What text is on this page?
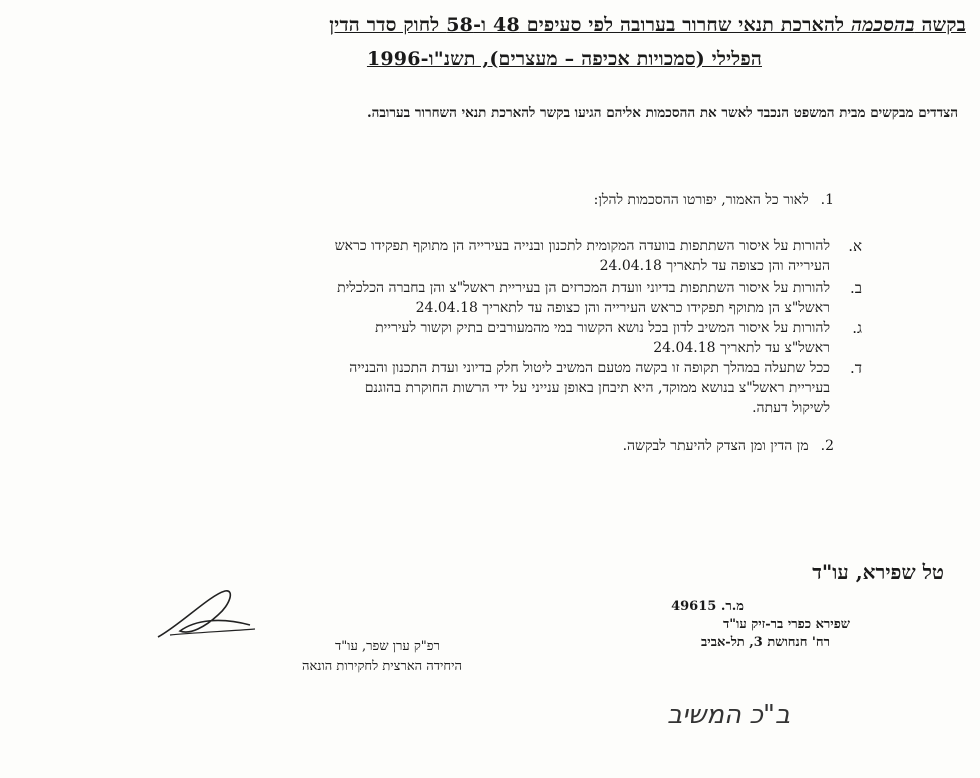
בקשה בהסכמה להארכת תנאי שחרור בערובה לפי סעיפים 48 ו-58 לחוק סדר הדין
הפלילי (סמכויות אכיפה – מעצרים), תשנ"ו-1996
הצדדים מבקשים מבית המשפט הנכבד לאשר את ההסכמות אליהם הגיעו בקשר להארכת תנאי השחרור בערובה.
1.לאור כל האמור, יפורטו ההסכמות להלן:
א.
להורות על איסור השתתפות בוועדה המקומית לתכנון ובנייה בעירייה הן מתוקף תפקידו כראש
העירייה והן כצופה עד לתאריך 24.04.18
ב.
להורות על איסור השתתפות בדיוני וועדת המכרזים הן בעיריית ראשל"צ והן בחברה הכלכלית
ראשל"צ הן מתוקף תפקידו כראש העירייה והן כצופה עד לתאריך 24.04.18
ג.
להורות על איסור המשיב לדון בכל נושא הקשור במי מהמעורבים בתיק וקשור לעיריית
ראשל"צ עד לתאריך 24.04.18
ד.
ככל שתעלה במהלך תקופה זו בקשה מטעם המשיב ליטול חלק בדיוני ועדת התכנון והבנייה
בעיריית ראשל"צ בנושא ממוקד, היא תיבחן באופן ענייני על ידי הרשות החוקרת בהוגנם
לשיקול דעתה.
2.מן הדין ומן הצדק להיעתר לבקשה.
טל שפירא, עו"ד
מ.ר. 49615
שפירא כפרי בר-זיק עו"ד
רח' חנחושת 3, תל-אביב
רפ"ק ערן שפר, עו"ד
היחידה הארצית לחקירות הונאה
ב"כ המשיב
